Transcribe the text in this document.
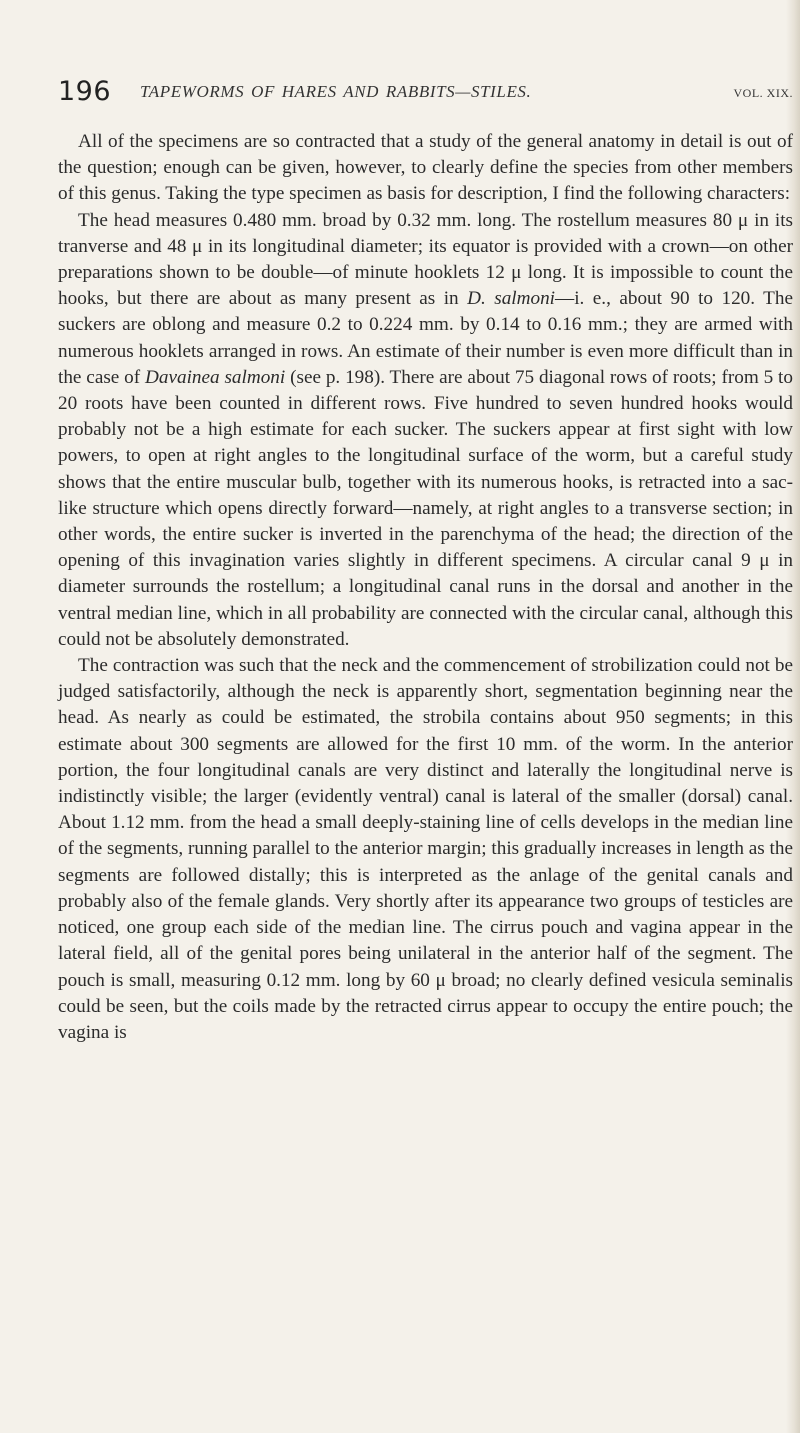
196 TAPEWORMS OF HARES AND RABBITS—STILES.	VOL. XIX.

All of the specimens are so contracted that a study of the general anatomy in detail is out of the question; enough can be given, however, to clearly define the species from other members of this genus. Taking the type specimen as basis for description, I find the following characters:

The head measures 0.480 mm. broad by 0.32 mm. long. The rostellum measures 80 μ in its tranverse and 48 μ in its longitudinal diameter; its equator is provided with a crown—on other preparations shown to be double—of minute hooklets 12 μ long. It is impossible to count the hooks, but there are about as many present as in D. salmoni—i. e., about 90 to 120. The suckers are oblong and measure 0.2 to 0.224 mm. by 0.14 to 0.16 mm.; they are armed with numerous hooklets arranged in rows. An estimate of their number is even more difficult than in the case of Davainea salmoni (see p. 198). There are about 75 diagonal rows of roots; from 5 to 20 roots have been counted in different rows. Five hundred to seven hundred hooks would probably not be a high estimate for each sucker. The suckers appear at first sight with low powers, to open at right angles to the longitudinal surface of the worm, but a careful study shows that the entire muscular bulb, together with its numerous hooks, is retracted into a sac-like structure which opens directly forward—namely, at right angles to a transverse section; in other words, the entire sucker is inverted in the parenchyma of the head; the direction of the opening of this invagination varies slightly in different specimens. A circular canal 9 μ in diameter surrounds the rostellum; a longitudinal canal runs in the dorsal and another in the ventral median line, which in all probability are connected with the circular canal, although this could not be absolutely demonstrated.

The contraction was such that the neck and the commencement of strobilization could not be judged satisfactorily, although the neck is apparently short, segmentation beginning near the head. As nearly as could be estimated, the strobila contains about 950 segments; in this estimate about 300 segments are allowed for the first 10 mm. of the worm. In the anterior portion, the four longitudinal canals are very distinct and laterally the longitudinal nerve is indistinctly visible; the larger (evidently ventral) canal is lateral of the smaller (dorsal) canal. About 1.12 mm. from the head a small deeply-staining line of cells develops in the median line of the segments, running parallel to the anterior margin; this gradually increases in length as the segments are followed distally; this is interpreted as the anlage of the genital canals and probably also of the female glands. Very shortly after its appearance two groups of testicles are noticed, one group each side of the median line. The cirrus pouch and vagina appear in the lateral field, all of the genital pores being unilateral in the anterior half of the segment. The pouch is small, measuring 0.12 mm. long by 60 μ broad; no clearly defined vesicula seminalis could be seen, but the coils made by the retracted cirrus appear to occupy the entire pouch; the vagina is
